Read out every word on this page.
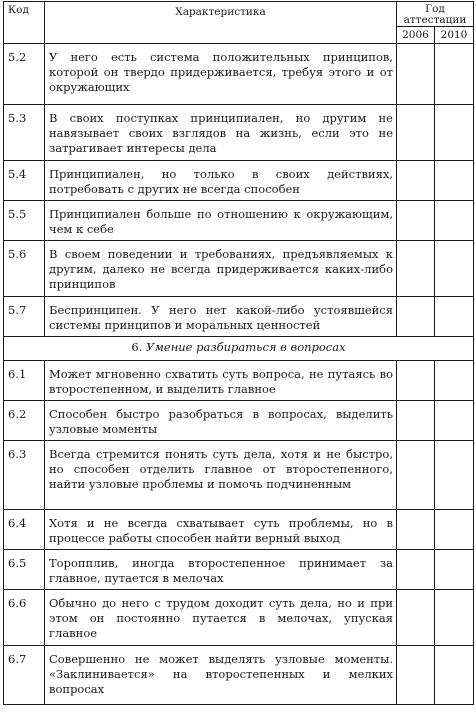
Код	Характеристика	Год
аттестации	

		2006	2010
5.2	У него есть система положительных принципов, которой он твердо придерживается, требуя этого и от окружающих		
5.3	В своих поступках принципиален, но другим не навязывает своих взглядов на жизнь, если это не затрагивает интересы дела		
5.4	Принципиален, но только в своих действиях, потребовать с других не всегда способен		
5.5	Принципиален больше по отношению к окружающим, чем к себе		
5.6	В своем поведении и требованиях, предъявляемых к другим, далеко не всегда придерживается каких-либо принципов		
5.7	Беспринципен. У него нет какой-либо устоявшейся системы принципов и моральных ценностей		
6. Умение разбираться в вопросах			
6.1	Может мгновенно схватить суть вопроса, не путаясь во второстепенном, и выделить главное		
6.2	Способен быстро разобраться в вопросах, выделить узловые моменты		
6.3	Всегда стремится понять суть дела, хотя и не быстро, но способен отделить главное от второстепенного, найти узловые проблемы и помочь подчиненным		
6.4	Хотя и не всегда схватывает суть проблемы, но в процессе работы способен найти верный выход		
6.5	Торопплив, иногда второстепенное принимает за главное, путается в мелочах		
6.6	Обычно до него с трудом доходит суть дела, но и при этом он постоянно путается в мелочах, упуская главное		
6.7	Совершенно не может выделять узловые моменты. «Заклинивается» на второстепенных и мелких вопросах		
